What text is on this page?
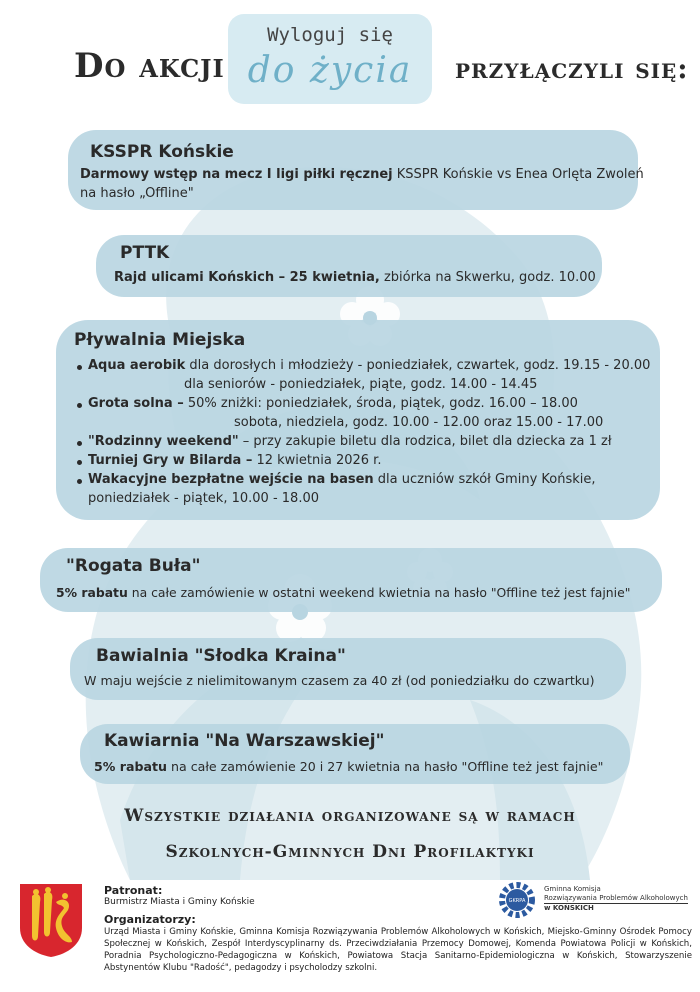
Do akcji
Wyloguj się
do życia	przyłączyli się:
KSSPR Końskie
Darmowy wstęp na mecz I ligi piłki ręcznej KSSPR Końskie vs Enea Orlęta Zwoleń
na hasło „Offline"
PTTK
Rajd ulicami Końskich – 25 kwietnia, zbiórka na Skwerku, godz. 10.00
Pływalnia Miejska
Aqua aerobik dla dorosłych i młodzieży - poniedziałek, czwartek, godz. 19.15 - 20.00
dla seniorów - poniedziałek, piąte, godz. 14.00 - 14.45
Grota solna – 50% zniżki: poniedziałek, środa, piątek, godz. 16.00 – 18.00
sobota, niedziela, godz. 10.00 - 12.00 oraz 15.00 - 17.00
"Rodzinny weekend" – przy zakupie biletu dla rodzica, bilet dla dziecka za 1 zł
Turniej Gry w Bilarda – 12 kwietnia 2026 r.
Wakacyjne bezpłatne wejście na basen dla uczniów szkół Gminy Końskie,
poniedziałek - piątek, 10.00 - 18.00
"Rogata Buła"
5% rabatu na całe zamówienie w ostatni weekend kwietnia na hasło "Offline też jest fajnie"
Bawialnia "Słodka Kraina"
W maju wejście z nielimitowanym czasem za 40 zł (od poniedziałku do czwartku)
Kawiarnia "Na Warszawskiej"
5% rabatu na całe zamówienie 20 i 27 kwietnia na hasło "Offline też jest fajnie"
Wszystkie działania organizowane są w ramach
Szkolnych-Gminnych Dni Profilaktyki
Patronat:
Burmistrz Miasta i Gminy Końskie
Organizatorzy:
Urząd Miasta i Gminy Końskie, Gminna Komisja Rozwiązywania Problemów Alkoholowych w Końskich, Miejsko-Gminny Ośrodek Pomocy Społecznej w Końskich, Zespół Interdyscyplinarny ds. Przeciwdziałania Przemocy Domowej, Komenda Powiatowa Policji w Końskich, Poradnia Psychologiczno-Pedagogiczna w Końskich, Powiatowa Stacja Sanitarno-Epidemiologiczna w Końskich, Stowarzyszenie Abstynentów Klubu "Radość", pedagodzy i psycholodzy szkolni.
GKRPA
Gminna Komisja
Rozwiązywania Problemów Alkoholowych
w KOŃSKICH
